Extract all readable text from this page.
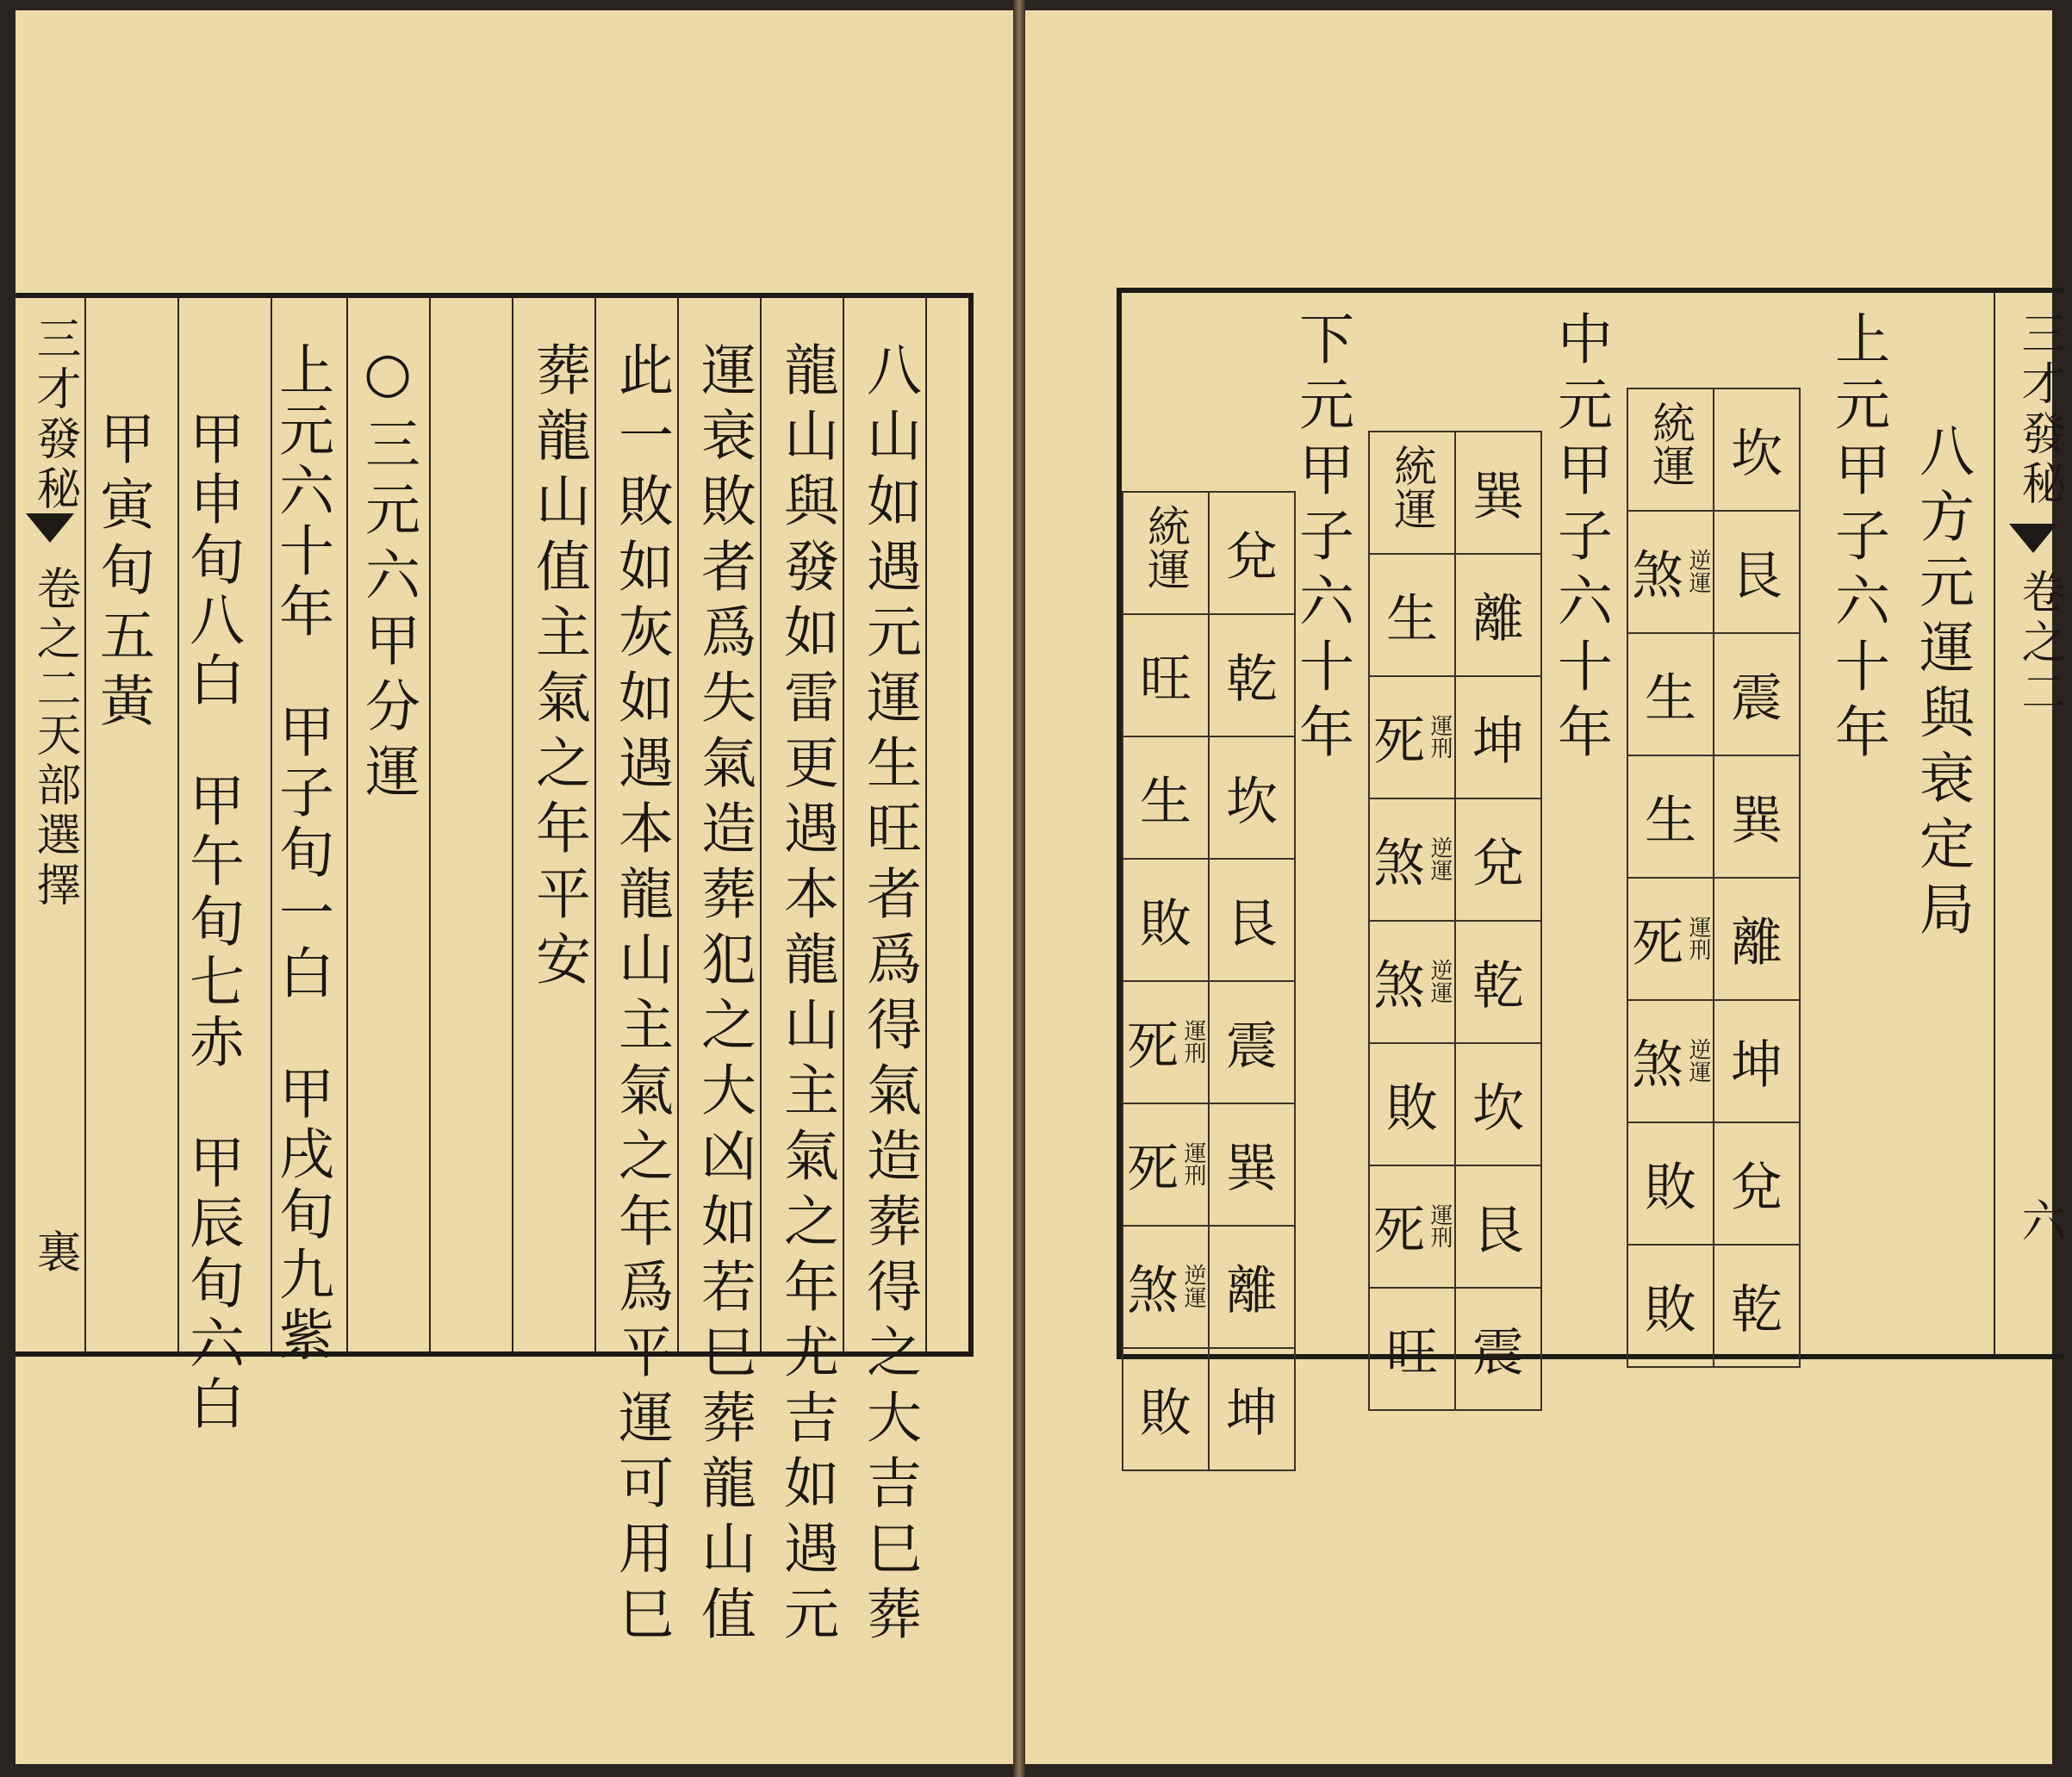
三才發秘
卷之二
天部選擇
裏	八山如遇元運生旺者爲得氣造葬得之大吉巳葬
龍山與發如雷更遇本龍山主氣之年尤吉如遇元
運衰敗者爲失氣造葬犯之大凶如若巳葬龍山值
此一敗如灰如遇本龍山主氣之年爲平運可用巳
葬龍山值主氣之年平安
○三元六甲分運
上元六十年　甲子旬一白　甲戌旬九紫
甲申旬八白　甲午旬七赤　甲辰旬六白
甲寅旬五黃	三才發秘
卷之二
六
八方元運與衰定局
上元甲子六十年
中元甲子六十年
下元甲子六十年	統運	坎
煞逆運	艮
生	震
生	巽
死運刑	離
煞逆運	坤
敗	兌
敗	乾
統運	巽
生	離
死運刑	坤
煞逆運	兌
煞逆運	乾
敗	坎
死運刑	艮
旺	震
統運	兌
旺	乾
生	坎
敗	艮
死運刑	震
死運刑	巽
煞逆運	離
敗	坤
